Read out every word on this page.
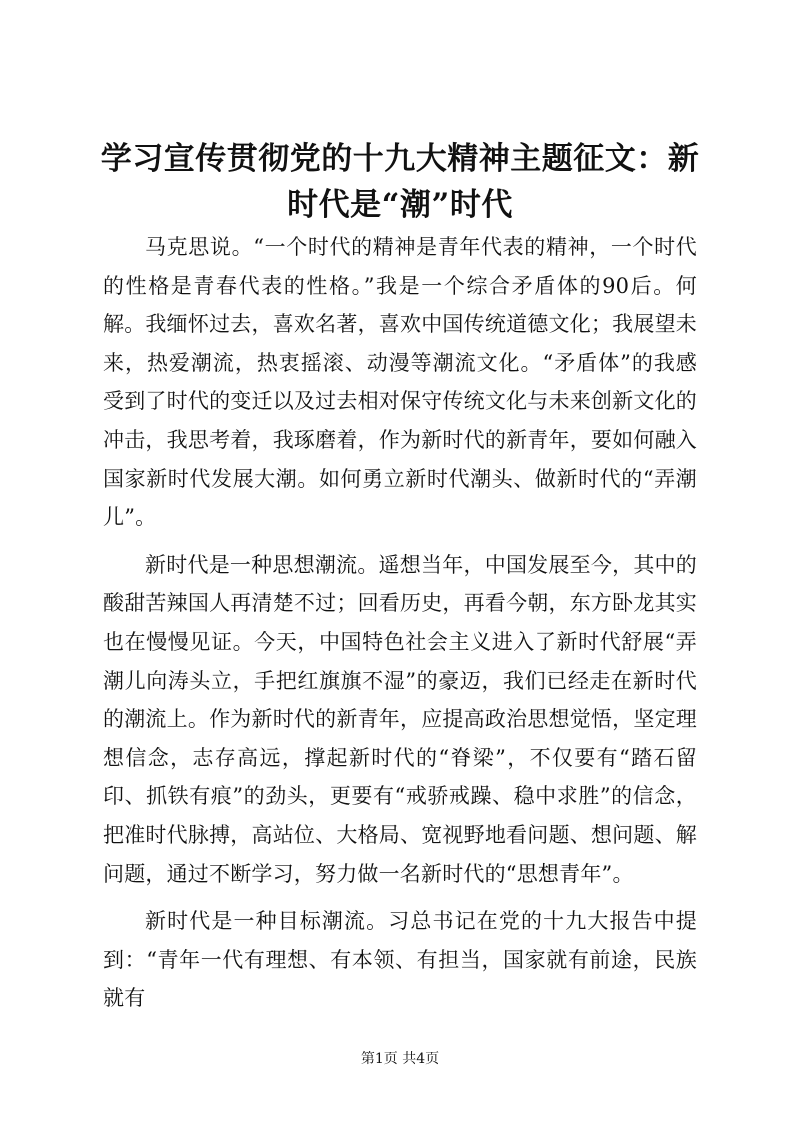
学习宣传贯彻党的十九大精神主题征文：新时代是“潮”时代

马克思说。“一个时代的精神是青年代表的精神，一个时代的性格是青春代表的性格。”我是一个综合矛盾体的90后。何解。我缅怀过去，喜欢名著，喜欢中国传统道德文化；我展望未来，热爱潮流，热衷摇滚、动漫等潮流文化。“矛盾体”的我感受到了时代的变迁以及过去相对保守传统文化与未来创新文化的冲击，我思考着，我琢磨着，作为新时代的新青年，要如何融入国家新时代发展大潮。如何勇立新时代潮头、做新时代的“弄潮儿”。

新时代是一种思想潮流。遥想当年，中国发展至今，其中的酸甜苦辣国人再清楚不过；回看历史，再看今朝，东方卧龙其实也在慢慢见证。今天，中国特色社会主义进入了新时代舒展“弄潮儿向涛头立，手把红旗旗不湿”的豪迈，我们已经走在新时代的潮流上。作为新时代的新青年，应提高政治思想觉悟，坚定理想信念，志存高远，撑起新时代的“脊梁”，不仅要有“踏石留印、抓铁有痕”的劲头，更要有“戒骄戒躁、稳中求胜”的信念，把准时代脉搏，高站位、大格局、宽视野地看问题、想问题、解问题，通过不断学习，努力做一名新时代的“思想青年”。

新时代是一种目标潮流。习总书记在党的十九大报告中提到：“青年一代有理想、有本领、有担当，国家就有前途，民族就有

第1页 共4页
